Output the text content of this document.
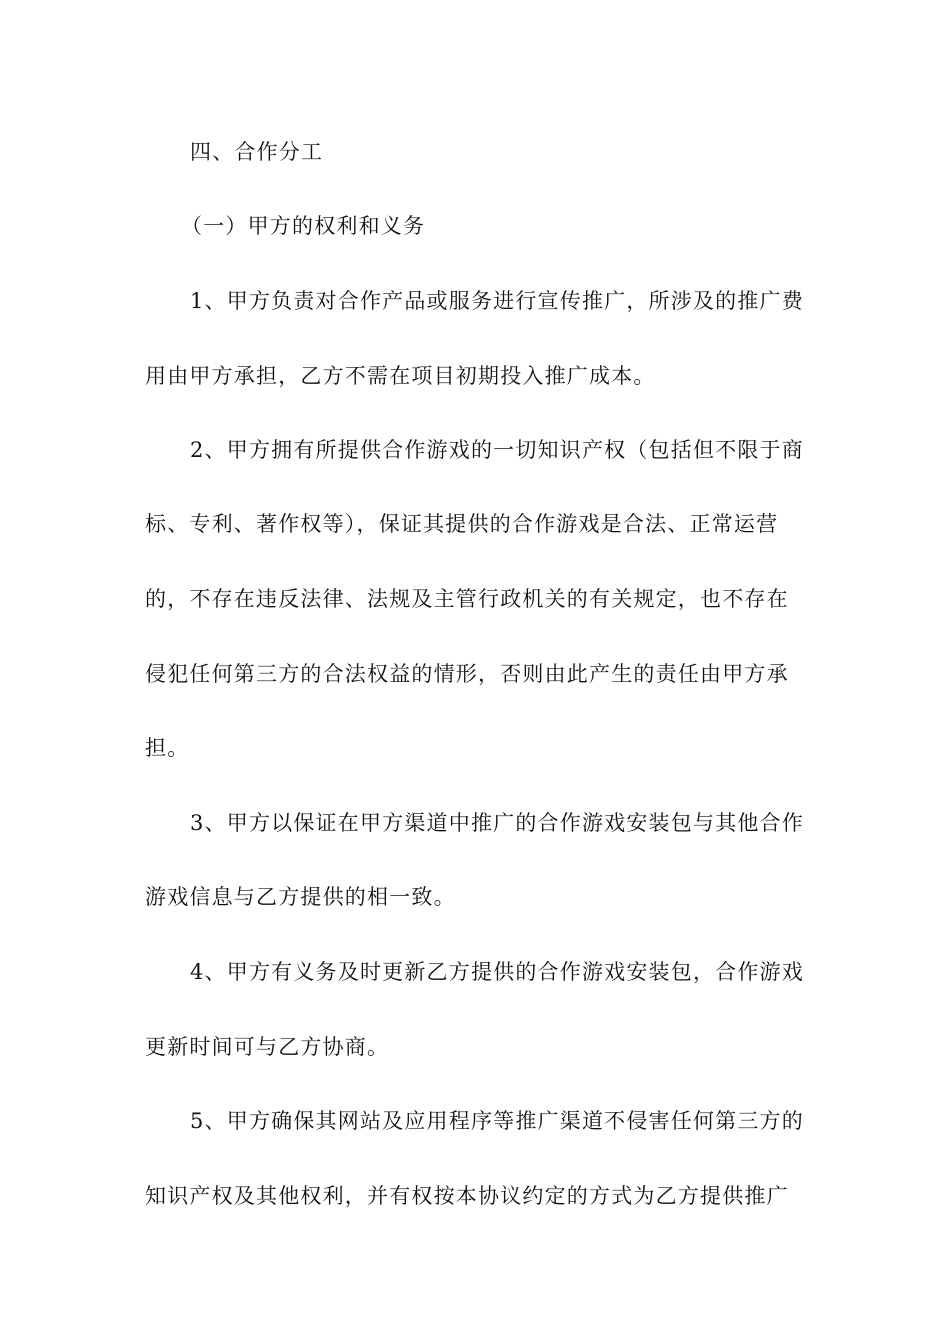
四、合作分工
（一）甲方的权利和义务
1、甲方负责对合作产品或服务进行宣传推广，所涉及的推广费
用由甲方承担，乙方不需在项目初期投入推广成本。
2、甲方拥有所提供合作游戏的一切知识产权（包括但不限于商
标、专利、著作权等），保证其提供的合作游戏是合法、正常运营
的，不存在违反法律、法规及主管行政机关的有关规定，也不存在
侵犯任何第三方的合法权益的情形，否则由此产生的责任由甲方承
担。
3、甲方以保证在甲方渠道中推广的合作游戏安装包与其他合作
游戏信息与乙方提供的相一致。
4、甲方有义务及时更新乙方提供的合作游戏安装包，合作游戏
更新时间可与乙方协商。
5、甲方确保其网站及应用程序等推广渠道不侵害任何第三方的
知识产权及其他权利，并有权按本协议约定的方式为乙方提供推广
